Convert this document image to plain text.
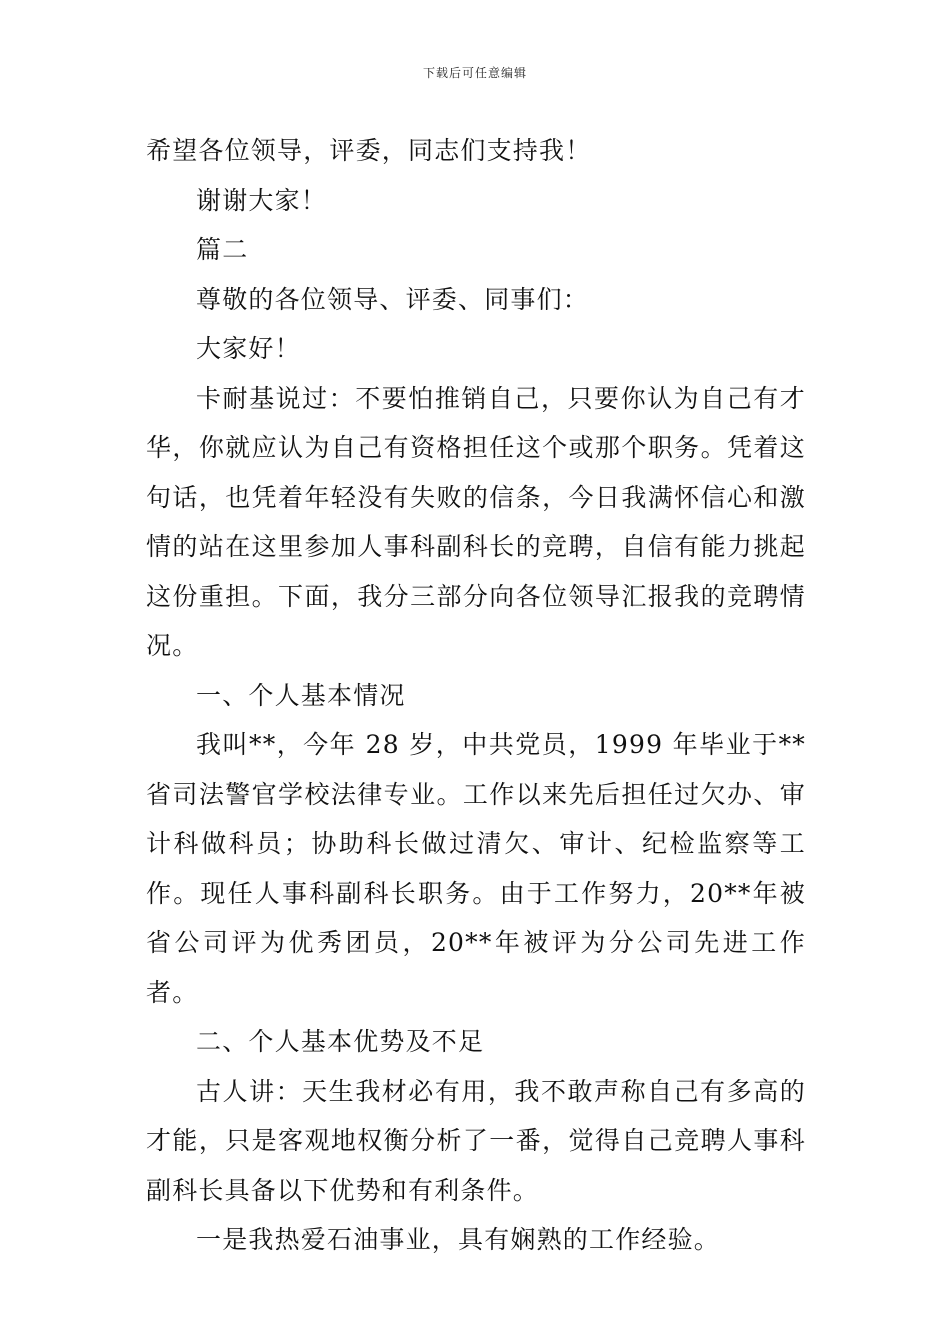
下载后可任意编辑

希望各位领导，评委，同志们支持我！

谢谢大家！

篇二

尊敬的各位领导、评委、同事们：

大家好！

卡耐基说过：不要怕推销自己，只要你认为自己有才华，你就应认为自己有资格担任这个或那个职务。凭着这句话，也凭着年轻没有失败的信条，今日我满怀信心和激情的站在这里参加人事科副科长的竞聘，自信有能力挑起这份重担。下面，我分三部分向各位领导汇报我的竞聘情况。

一、个人基本情况

我叫**，今年 28 岁，中共党员，1999 年毕业于**省司法警官学校法律专业。工作以来先后担任过欠办、审计科做科员；协助科长做过清欠、审计、纪检监察等工作。现任人事科副科长职务。由于工作努力，20**年被省公司评为优秀团员，20**年被评为分公司先进工作者。

二、个人基本优势及不足

古人讲：天生我材必有用，我不敢声称自己有多高的才能，只是客观地权衡分析了一番，觉得自己竞聘人事科副科长具备以下优势和有利条件。

一是我热爱石油事业，具有娴熟的工作经验。
